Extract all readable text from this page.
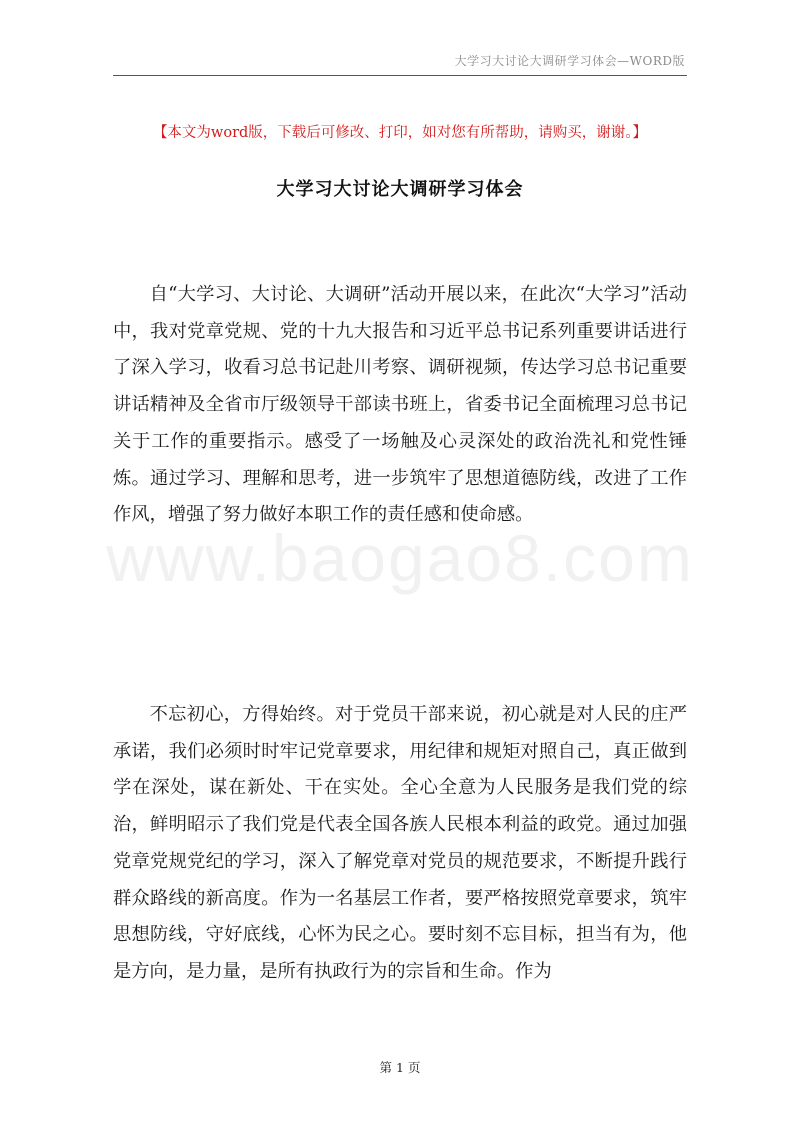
大学习大讨论大调研学习体会—WORD版
【本文为word版，下载后可修改、打印，如对您有所帮助，请购买，谢谢。】
大学习大讨论大调研学习体会
www.baogao8.com

自“大学习、大讨论、大调研”活动开展以来，在此次“大学习”活动中，我对党章党规、党的十九大报告和习近平总书记系列重要讲话进行了深入学习，收看习总书记赴川考察、调研视频，传达学习总书记重要讲话精神及全省市厅级领导干部读书班上，省委书记全面梳理习总书记关于工作的重要指示。感受了一场触及心灵深处的政治洗礼和党性锤炼。通过学习、理解和思考，进一步筑牢了思想道德防线，改进了工作作风，增强了努力做好本职工作的责任感和使命感。

不忘初心，方得始终。对于党员干部来说，初心就是对人民的庄严承诺，我们必须时时牢记党章要求，用纪律和规矩对照自己，真正做到学在深处，谋在新处、干在实处。全心全意为人民服务是我们党的综治，鲜明昭示了我们党是代表全国各族人民根本利益的政党。通过加强党章党规党纪的学习，深入了解党章对党员的规范要求，不断提升践行群众路线的新高度。作为一名基层工作者，要严格按照党章要求，筑牢思想防线，守好底线，心怀为民之心。要时刻不忘目标，担当有为，他是方向，是力量，是所有执政行为的宗旨和生命。作为

第 1 页
